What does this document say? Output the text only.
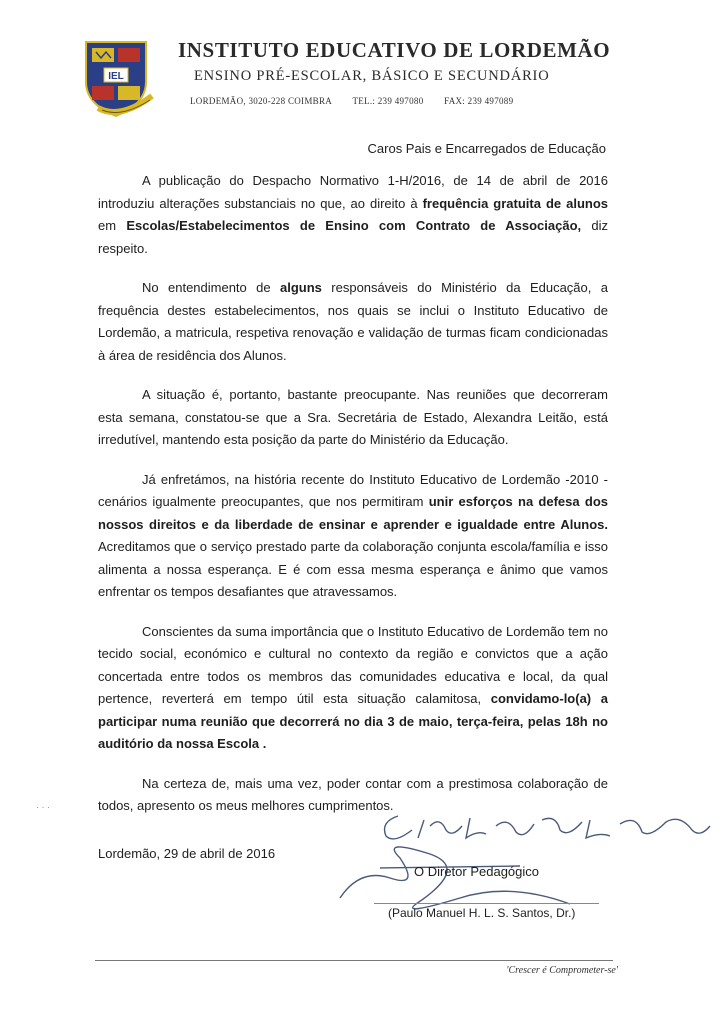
IEL
INSTITUTO EDUCATIVO DE LORDEMÃO
ENSINO PRÉ-ESCOLAR, BÁSICO E SECUNDÁRIO
LORDEMÃO, 3020-228 COIMBRA TEL.: 239 497080 FAX: 239 497089
Caros Pais e Encarregados de Educação

A publicação do Despacho Normativo 1-H/2016, de 14 de abril de 2016 introduziu alterações substanciais no que, ao direito à frequência gratuita de alunos em Escolas/Estabelecimentos de Ensino com Contrato de Associação, diz respeito.

No entendimento de alguns responsáveis do Ministério da Educação, a frequência destes estabelecimentos, nos quais se inclui o Instituto Educativo de Lordemão, a matricula, respetiva renovação e validação de turmas ficam condicionadas à área de residência dos Alunos.

A situação é, portanto, bastante preocupante. Nas reuniões que decorreram esta semana, constatou-se que a Sra. Secretária de Estado, Alexandra Leitão, está irredutível, mantendo esta posição da parte do Ministério da Educação.

Já enfretámos, na história recente do Instituto Educativo de Lordemão -2010 - cenários igualmente preocupantes, que nos permitiram unir esforços na defesa dos nossos direitos e da liberdade de ensinar e aprender e igualdade entre Alunos. Acreditamos que o serviço prestado parte da colaboração conjunta escola/família e isso alimenta a nossa esperança. E é com essa mesma esperança e ânimo que vamos enfrentar os tempos desafiantes que atravessamos.

Conscientes da suma importância que o Instituto Educativo de Lordemão tem no tecido social, económico e cultural no contexto da região e convictos que a ação concertada entre todos os membros das comunidades educativa e local, da qual pertence, reverterá em tempo útil esta situação calamitosa, convidamo-lo(a) a participar numa reunião que decorrerá no dia 3 de maio, terça-feira, pelas 18h no auditório da nossa Escola .

Na certeza de, mais uma vez, poder contar com a prestimosa colaboração de todos, apresento os meus melhores cumprimentos.

· · ·
Lordemão, 29 de abril de 2016
O Diretor Pedagógico
(Paulo Manuel H. L. S. Santos, Dr.)
'Crescer é Comprometer-se'
